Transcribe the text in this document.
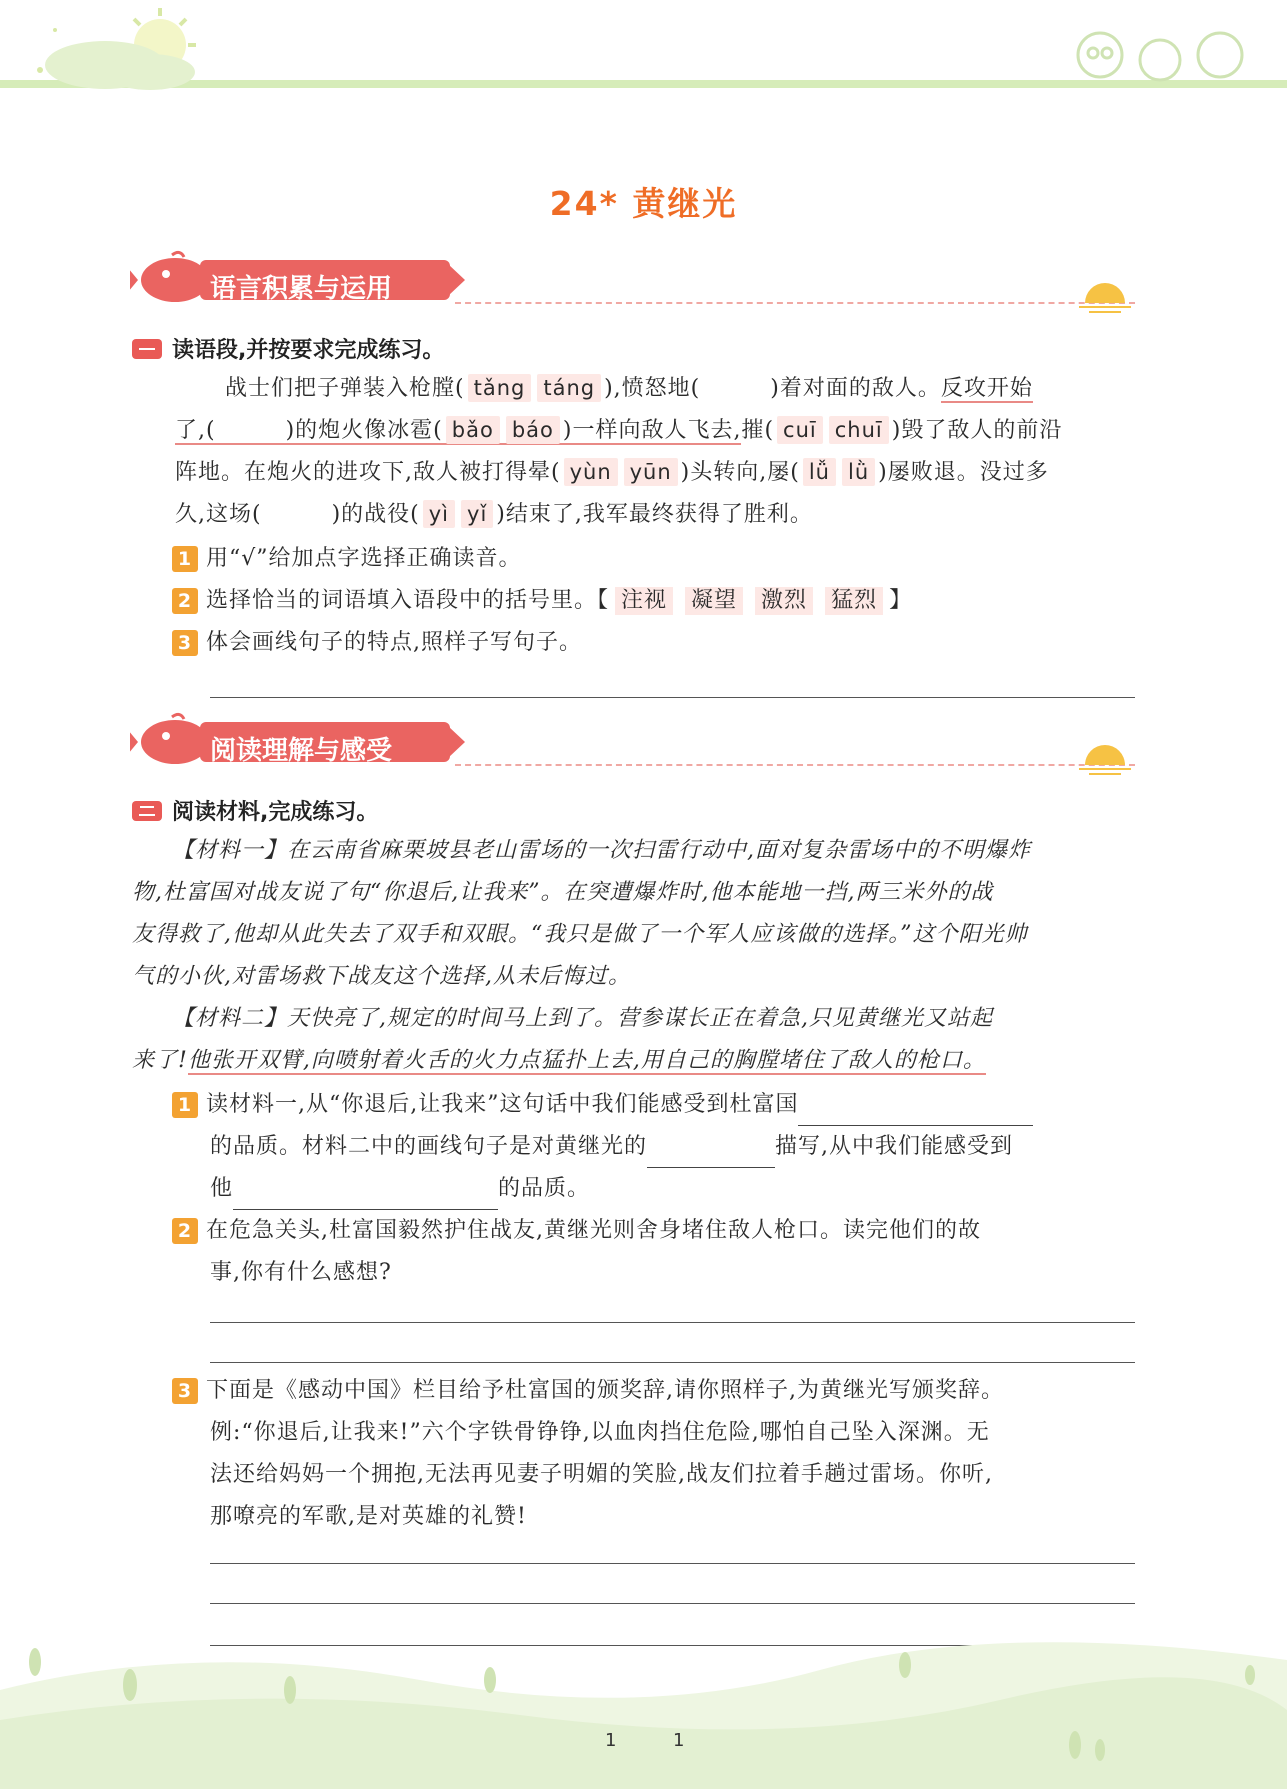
24* 黄继光
语言积累与运用
读语段,并按要求完成练习。
战士们把子弹装入枪膛( tǎng táng ),愤怒地(	)着对面的敌人。反攻开始
了,(	)的炮火像冰雹( bǎo báo )一样向敌人飞去,摧( cuī chuī )毁了敌人的前沿
阵地。在炮火的进攻下,敌人被打得晕( yùn yūn )头转向,屡( lǚ lǜ )屡败退。没过多
久,这场(	)的战役( yì yǐ )结束了,我军最终获得了胜利。
1 用“√”给加点字选择正确读音。
2 选择恰当的词语填入语段中的括号里。【 注视 凝望 激烈 猛烈 】
3 体会画线句子的特点,照样子写句子。
阅读理解与感受
阅读材料,完成练习。
【材料一】在云南省麻栗坡县老山雷场的一次扫雷行动中,面对复杂雷场中的不明爆炸
物,杜富国对战友说了句“你退后,让我来”。在突遭爆炸时,他本能地一挡,两三米外的战
友得救了,他却从此失去了双手和双眼。“我只是做了一个军人应该做的选择。”这个阳光帅
气的小伙,对雷场救下战友这个选择,从未后悔过。
【材料二】天快亮了,规定的时间马上到了。营参谋长正在着急,只见黄继光又站起
来了!他张开双臂,向喷射着火舌的火力点猛扑上去,用自己的胸膛堵住了敌人的枪口。
1 读材料一,从“你退后,让我来”这句话中我们能感受到杜富国
的品质。材料二中的画线句子是对黄继光的	描写,从中我们能感受到
他	的品质。
2 在危急关头,杜富国毅然护住战友,黄继光则舍身堵住敌人枪口。读完他们的故
事,你有什么感想?
3 下面是《感动中国》栏目给予杜富国的颁奖辞,请你照样子,为黄继光写颁奖辞。
例:“你退后,让我来!”六个字铁骨铮铮,以血肉挡住危险,哪怕自己坠入深渊。无
法还给妈妈一个拥抱,无法再见妻子明媚的笑脸,战友们拉着手趟过雷场。你听,
那嘹亮的军歌,是对英雄的礼赞!
1	1
